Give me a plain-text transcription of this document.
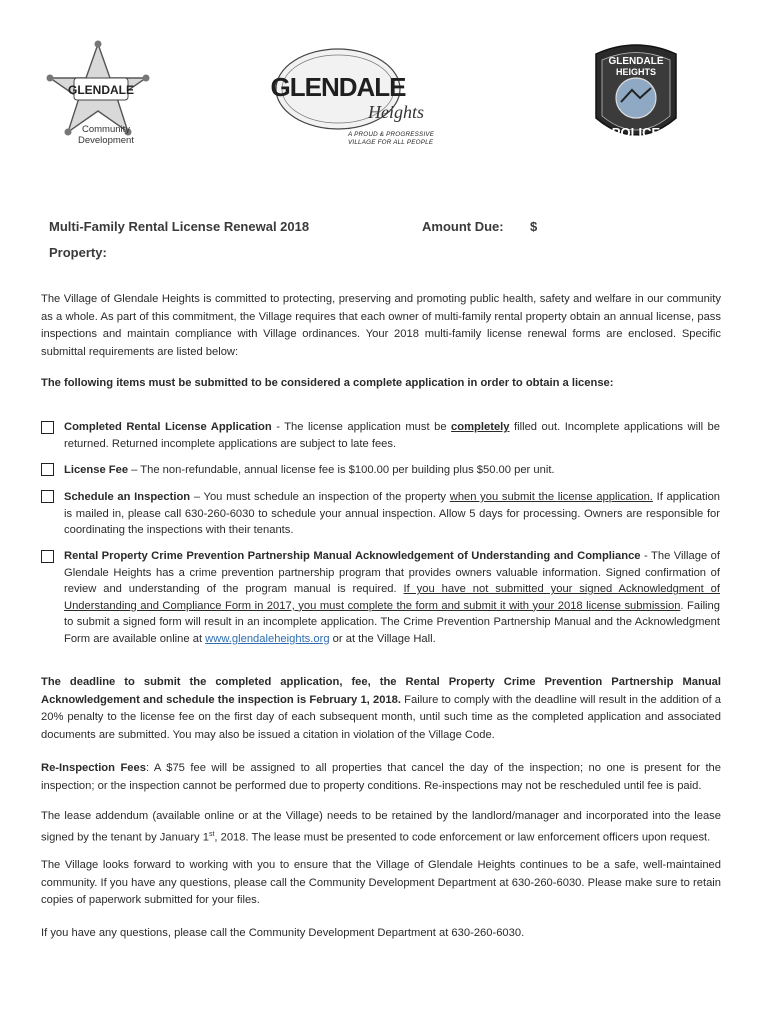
GLENDALE
Community
Development
GLENDALE
Heights
A PROUD & PROGRESSIVE
VILLAGE FOR ALL PEOPLE
GLENDALE
HEIGHTS
POLICE
Multi-Family Rental License Renewal 2018	Amount Due: $
Property:
The Village of Glendale Heights is committed to protecting, preserving and promoting public health, safety and welfare in our community as a whole. As part of this commitment, the Village requires that each owner of multi-family rental property obtain an annual license, pass inspections and maintain compliance with Village ordinances. Your 2018 multi-family license renewal forms are enclosed. Specific submittal requirements are listed below:
The following items must be submitted to be considered a complete application in order to obtain a license:
Completed Rental License Application - The license application must be completely filled out. Incomplete applications will be returned. Returned incomplete applications are subject to late fees.
License Fee – The non-refundable, annual license fee is $100.00 per building plus $50.00 per unit.
Schedule an Inspection – You must schedule an inspection of the property when you submit the license application. If application is mailed in, please call 630-260-6030 to schedule your annual inspection. Allow 5 days for processing. Owners are responsible for coordinating the inspections with their tenants.
Rental Property Crime Prevention Partnership Manual Acknowledgement of Understanding and Compliance - The Village of Glendale Heights has a crime prevention partnership program that provides owners valuable information. Signed confirmation of review and understanding of the program manual is required. If you have not submitted your signed Acknowledgment of Understanding and Compliance Form in 2017, you must complete the form and submit it with your 2018 license submission. Failing to submit a signed form will result in an incomplete application. The Crime Prevention Partnership Manual and the Acknowledgment Form are available online at www.glendaleheights.org or at the Village Hall.
The deadline to submit the completed application, fee, the Rental Property Crime Prevention Partnership Manual Acknowledgement and schedule the inspection is February 1, 2018. Failure to comply with the deadline will result in the addition of a 20% penalty to the license fee on the first day of each subsequent month, until such time as the completed application and associated documents are submitted. You may also be issued a citation in violation of the Village Code.
Re-Inspection Fees: A $75 fee will be assigned to all properties that cancel the day of the inspection; no one is present for the inspection; or the inspection cannot be performed due to property conditions. Re-inspections may not be rescheduled until fee is paid.
The lease addendum (available online or at the Village) needs to be retained by the landlord/manager and incorporated into the lease signed by the tenant by January 1st, 2018. The lease must be presented to code enforcement or law enforcement officers upon request.
The Village looks forward to working with you to ensure that the Village of Glendale Heights continues to be a safe, well-maintained community. If you have any questions, please call the Community Development Department at 630-260-6030. Please make sure to retain copies of paperwork submitted for your files.
If you have any questions, please call the Community Development Department at 630-260-6030.
